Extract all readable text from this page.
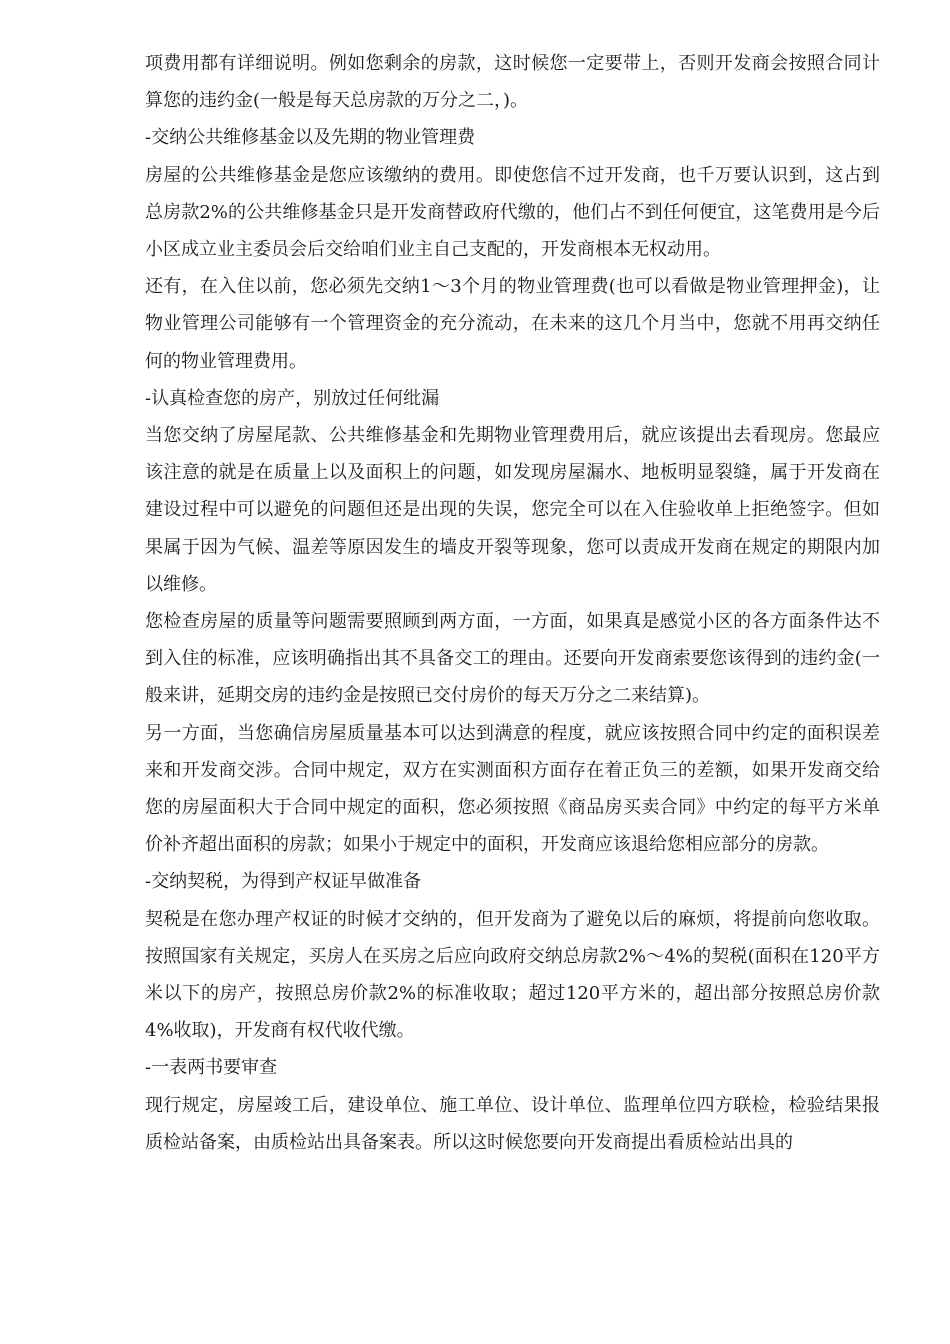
项费用都有详细说明。例如您剩余的房款，这时候您一定要带上，否则开发商会按照合同计算您的违约金(一般是每天总房款的万分之二，)。

-交纳公共维修基金以及先期的物业管理费

房屋的公共维修基金是您应该缴纳的费用。即使您信不过开发商，也千万要认识到，这占到总房款2%的公共维修基金只是开发商替政府代缴的，他们占不到任何便宜，这笔费用是今后小区成立业主委员会后交给咱们业主自己支配的，开发商根本无权动用。

还有，在入住以前，您必须先交纳1～3个月的物业管理费(也可以看做是物业管理押金)，让物业管理公司能够有一个管理资金的充分流动，在未来的这几个月当中，您就不用再交纳任何的物业管理费用。

-认真检查您的房产，别放过任何纰漏

当您交纳了房屋尾款、公共维修基金和先期物业管理费用后，就应该提出去看现房。您最应该注意的就是在质量上以及面积上的问题，如发现房屋漏水、地板明显裂缝，属于开发商在建设过程中可以避免的问题但还是出现的失误，您完全可以在入住验收单上拒绝签字。但如果属于因为气候、温差等原因发生的墙皮开裂等现象，您可以责成开发商在规定的期限内加以维修。

您检查房屋的质量等问题需要照顾到两方面，一方面，如果真是感觉小区的各方面条件达不到入住的标准，应该明确指出其不具备交工的理由。还要向开发商索要您该得到的违约金(一般来讲，延期交房的违约金是按照已交付房价的每天万分之二来结算)。

另一方面，当您确信房屋质量基本可以达到满意的程度，就应该按照合同中约定的面积误差来和开发商交涉。合同中规定，双方在实测面积方面存在着正负三的差额，如果开发商交给您的房屋面积大于合同中规定的面积，您必须按照《商品房买卖合同》中约定的每平方米单价补齐超出面积的房款；如果小于规定中的面积，开发商应该退给您相应部分的房款。

-交纳契税，为得到产权证早做准备

契税是在您办理产权证的时候才交纳的，但开发商为了避免以后的麻烦，将提前向您收取。按照国家有关规定，买房人在买房之后应向政府交纳总房款2%～4%的契税(面积在120平方米以下的房产，按照总房价款2%的标准收取；超过120平方米的，超出部分按照总房价款4%收取)，开发商有权代收代缴。

-一表两书要审查

现行规定，房屋竣工后，建设单位、施工单位、设计单位、监理单位四方联检，检验结果报质检站备案，由质检站出具备案表。所以这时候您要向开发商提出看质检站出具的
